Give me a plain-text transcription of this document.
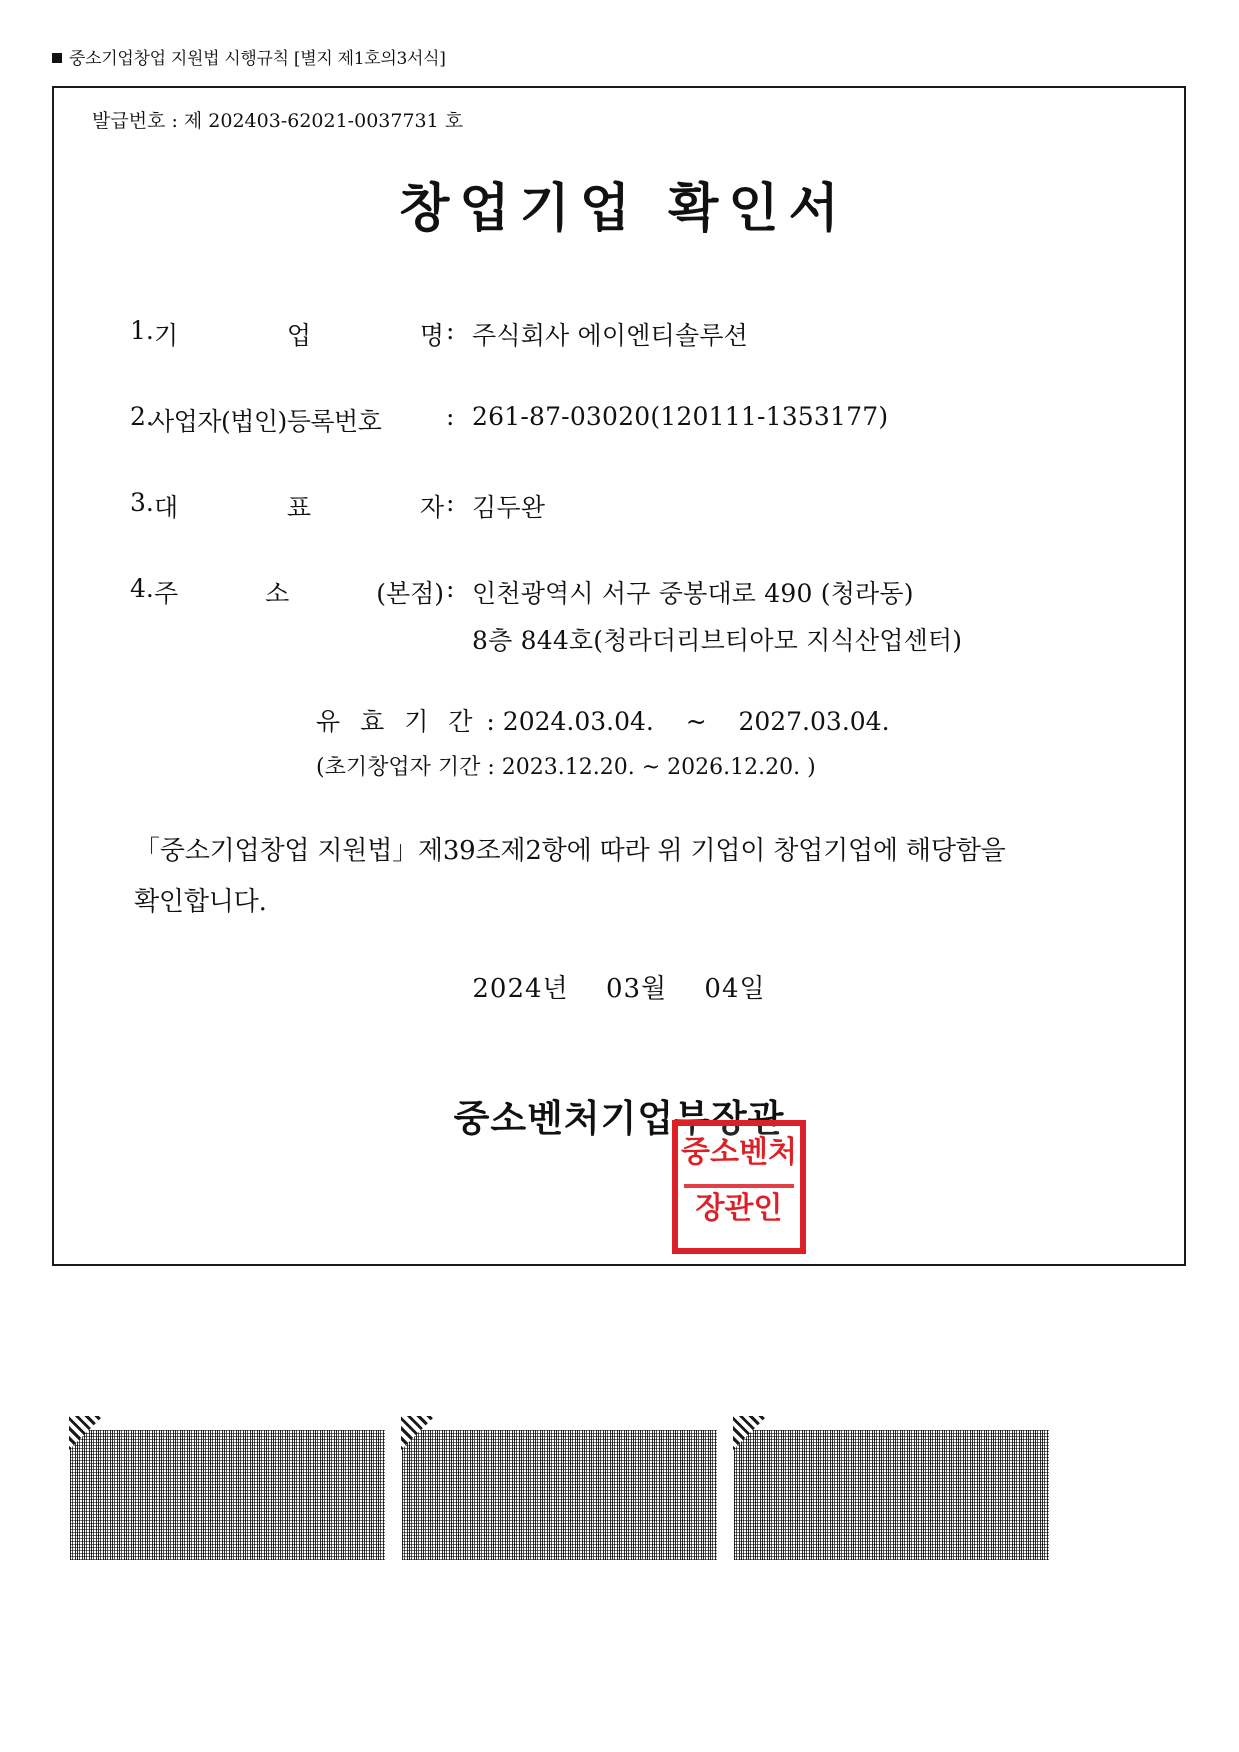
중소기업창업 지원법 시행규칙 [별지 제1호의3서식]
발급번호 : 제 202403-62021-0037731 호
창업기업 확인서
1. 기	업	명 : 주식회사 에이엔티솔루션
2.
사업자(법인)등록번호	: 261-87-03020(120111-1353177)
3. 대	표	자 : 김두완
4. 주	소	(본점) : 인천광역시 서구 중봉대로 490 (청라동)
8층 844호(청라더리브티아모 지식산업센터)
유 효 기 간 : 2024.03.04. ~ 2027.03.04.
(초기창업자 기간 : 2023.12.20. ~ 2026.12.20. )
「중소기업창업 지원법」제39조제2항에 따라 위 기업이 창업기업에 해당함을
확인합니다.
2024년 03월 04일
중소벤처기업부장관
중소벤처
장관인
